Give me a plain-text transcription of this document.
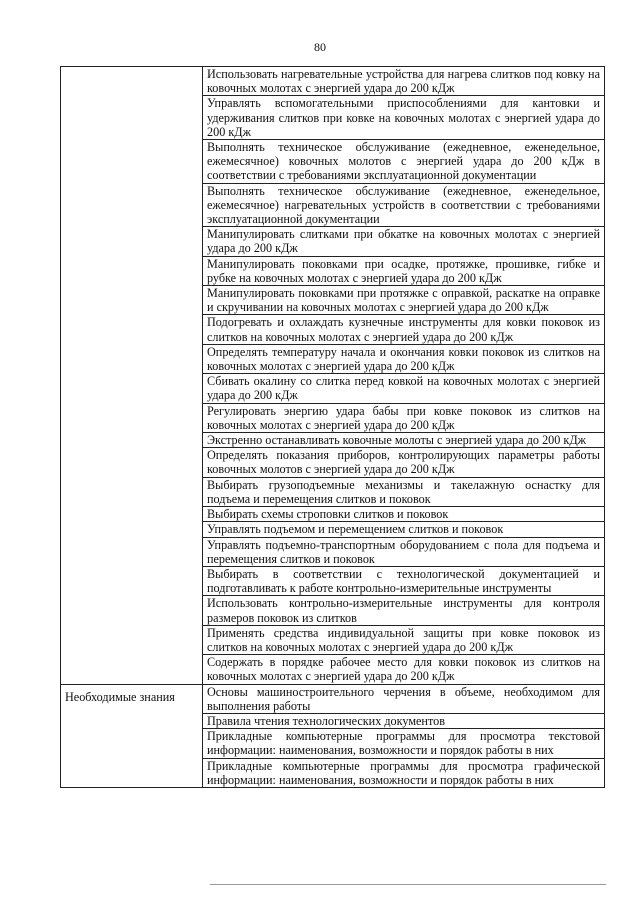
80
	Использовать нагревательные устройства для нагрева слитков под ковку на ковочных молотах с энергией удара до 200 кДж
	Управлять вспомогательными приспособлениями для кантовки и удерживания слитков при ковке на ковочных молотах с энергией удара до 200 кДж
	Выполнять техническое обслуживание (ежедневное, еженедельное, ежемесячное) ковочных молотов с энергией удара до 200 кДж в соответствии с требованиями эксплуатационной документации
	Выполнять техническое обслуживание (ежедневное, еженедельное, ежемесячное) нагревательных устройств в соответствии с требованиями эксплуатационной документации
	Манипулировать слитками при обкатке на ковочных молотах с энергией удара до 200 кДж
	Манипулировать поковками при осадке, протяжке, прошивке, гибке и рубке на ковочных молотах с энергией удара до 200 кДж
	Манипулировать поковками при протяжке с оправкой, раскатке на оправке и скручивании на ковочных молотах с энергией удара до 200 кДж
	Подогревать и охлаждать кузнечные инструменты для ковки поковок из слитков на ковочных молотах с энергией удара до 200 кДж
	Определять температуру начала и окончания ковки поковок из слитков на ковочных молотах с энергией удара до 200 кДж
	Сбивать окалину со слитка перед ковкой на ковочных молотах с энергией удара до 200 кДж
	Регулировать энергию удара бабы при ковке поковок из слитков на ковочных молотах с энергией удара до 200 кДж
	Экстренно останавливать ковочные молоты с энергией удара до 200 кДж
	Определять показания приборов, контролирующих параметры работы ковочных молотов с энергией удара до 200 кДж
	Выбирать грузоподъемные механизмы и такелажную оснастку для подъема и перемещения слитков и поковок
	Выбирать схемы строповки слитков и поковок
	Управлять подъемом и перемещением слитков и поковок
	Управлять подъемно-транспортным оборудованием с пола для подъема и перемещения слитков и поковок
	Выбирать в соответствии с технологической документацией и подготавливать к работе контрольно-измерительные инструменты
	Использовать контрольно-измерительные инструменты для контроля размеров поковок из слитков
	Применять средства индивидуальной защиты при ковке поковок из слитков на ковочных молотах с энергией удара до 200 кДж
	Содержать в порядке рабочее место для ковки поковок из слитков на ковочных молотах с энергией удара до 200 кДж
Необходимые знания	Основы машиностроительного черчения в объеме, необходимом для выполнения работы
	Правила чтения технологических документов
	Прикладные компьютерные программы для просмотра текстовой информации: наименования, возможности и порядок работы в них
	Прикладные компьютерные программы для просмотра графической информации: наименования, возможности и порядок работы в них
